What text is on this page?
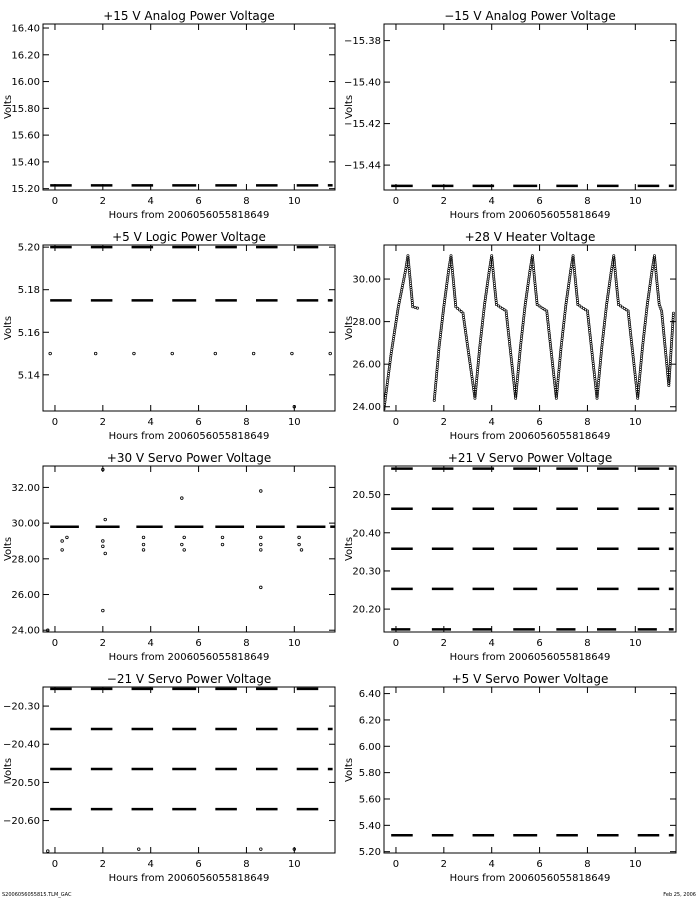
+15 V Analog Power Voltage
Hours from 2006056055818649
Volts
0	2	4	6	8	10
15.20
15.40
15.60
15.80
16.00
16.20
16.40
−15 V Analog Power Voltage
Hours from 2006056055818649
Volts
0	2	4	6	8	10
−15.44
−15.42
−15.40
−15.38
+5 V Logic Power Voltage
Hours from 2006056055818649
Volts
0	2	4	6	8	10
5.14
5.16
5.18
5.20
+28 V Heater Voltage
Hours from 2006056055818649
Volts
0	2	4	6	8	10
24.00
26.00
28.00
30.00
+30 V Servo Power Voltage
Hours from 2006056055818649
Volts
0	2	4	6	8	10
24.00
26.00
28.00
30.00
32.00
+21 V Servo Power Voltage
Hours from 2006056055818649
Volts
0	2	4	6	8	10
20.20
20.30
20.40
20.50
−21 V Servo Power Voltage
Hours from 2006056055818649
Volts
0	2	4	6	8	10
−20.60
−20.50
−20.40
−20.30
+5 V Servo Power Voltage
Hours from 2006056055818649
Volts
0	2	4	6	8	10
5.20
5.40
5.60
5.80
6.00
6.20
6.40
S2006056055815.TLM_GAC	Feb 25, 2006
